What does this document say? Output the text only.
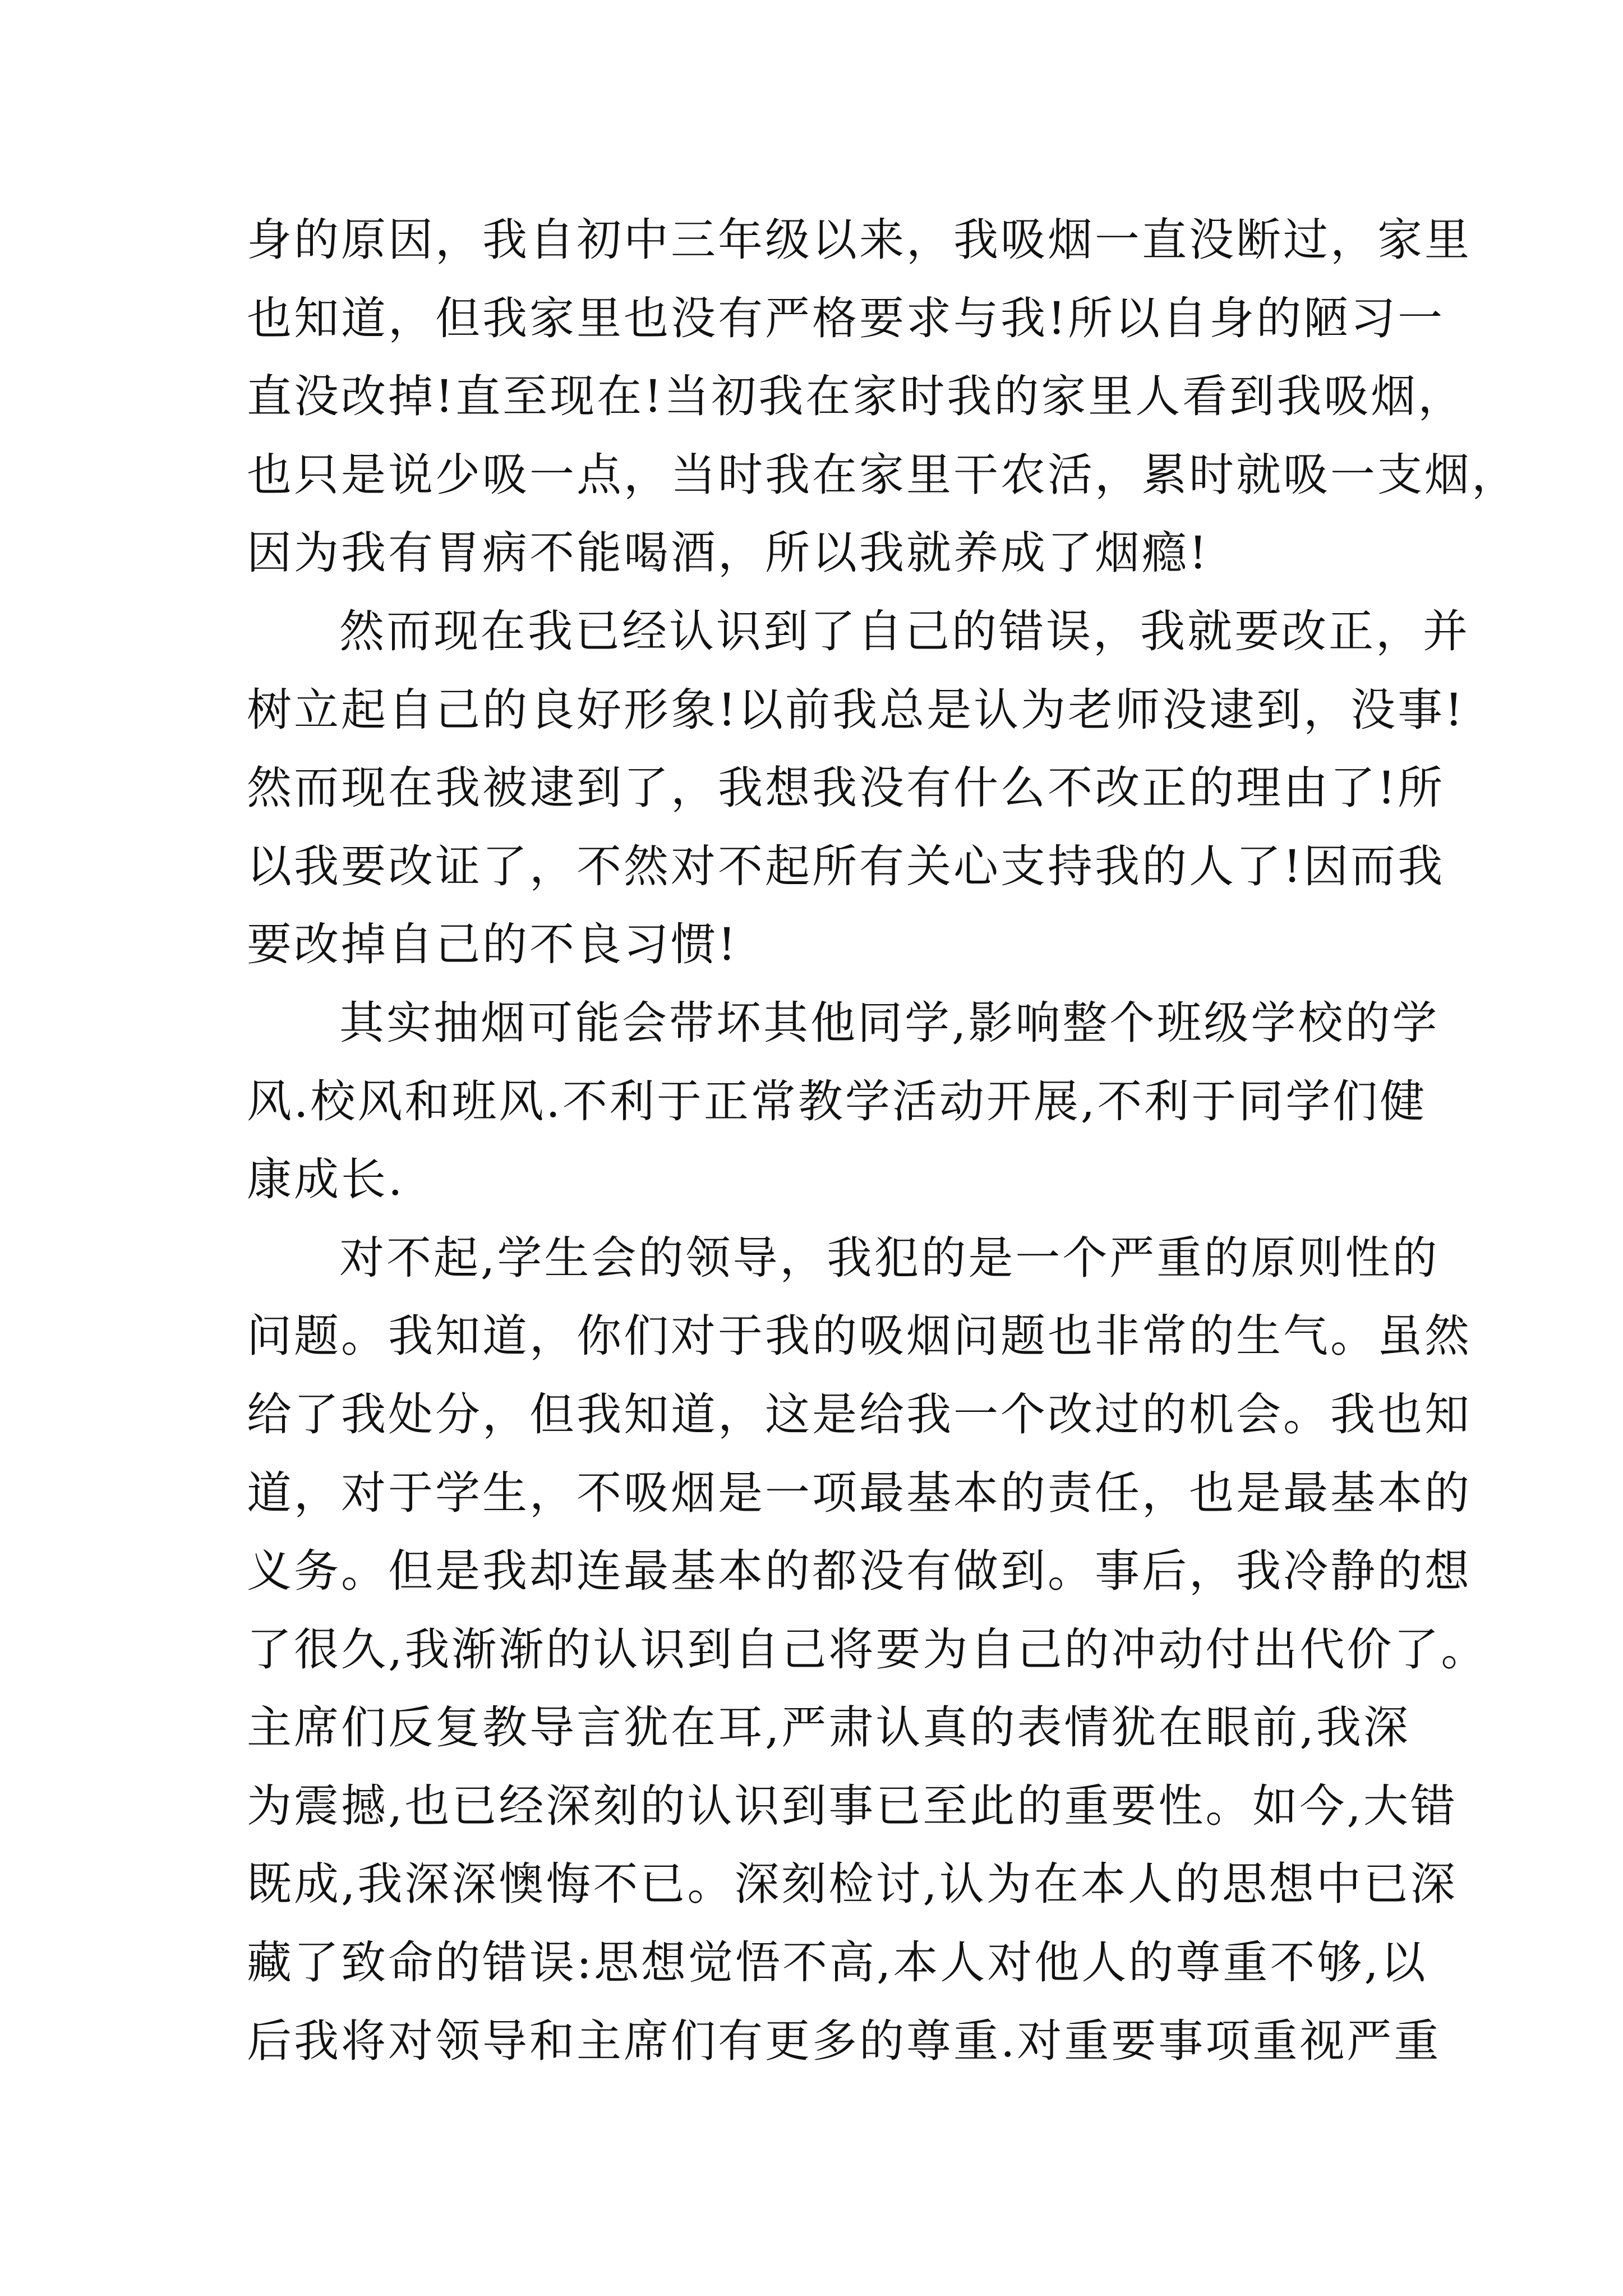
身的原因，我自初中三年级以来，我吸烟一直没断过，家里
也知道，但我家里也没有严格要求与我!所以自身的陋习一
直没改掉!直至现在!当初我在家时我的家里人看到我吸烟，
也只是说少吸一点，当时我在家里干农活，累时就吸一支烟，
因为我有胃病不能喝酒，所以我就养成了烟瘾!
然而现在我已经认识到了自己的错误，我就要改正，并
树立起自己的良好形象!以前我总是认为老师没逮到，没事!
然而现在我被逮到了，我想我没有什么不改正的理由了!所
以我要改证了，不然对不起所有关心支持我的人了!因而我
要改掉自己的不良习惯!
其实抽烟可能会带坏其他同学,影响整个班级学校的学
风.校风和班风.不利于正常教学活动开展,不利于同学们健
康成长.
对不起,学生会的领导，我犯的是一个严重的原则性的
问题。我知道，你们对于我的吸烟问题也非常的生气。虽然
给了我处分，但我知道，这是给我一个改过的机会。我也知
道，对于学生，不吸烟是一项最基本的责任，也是最基本的
义务。但是我却连最基本的都没有做到。事后，我冷静的想
了很久,我渐渐的认识到自己将要为自己的冲动付出代价了。
主席们反复教导言犹在耳,严肃认真的表情犹在眼前,我深
为震撼,也已经深刻的认识到事已至此的重要性。如今,大错
既成,我深深懊悔不已。深刻检讨,认为在本人的思想中已深
藏了致命的错误:思想觉悟不高,本人对他人的尊重不够,以
后我将对领导和主席们有更多的尊重.对重要事项重视严重
